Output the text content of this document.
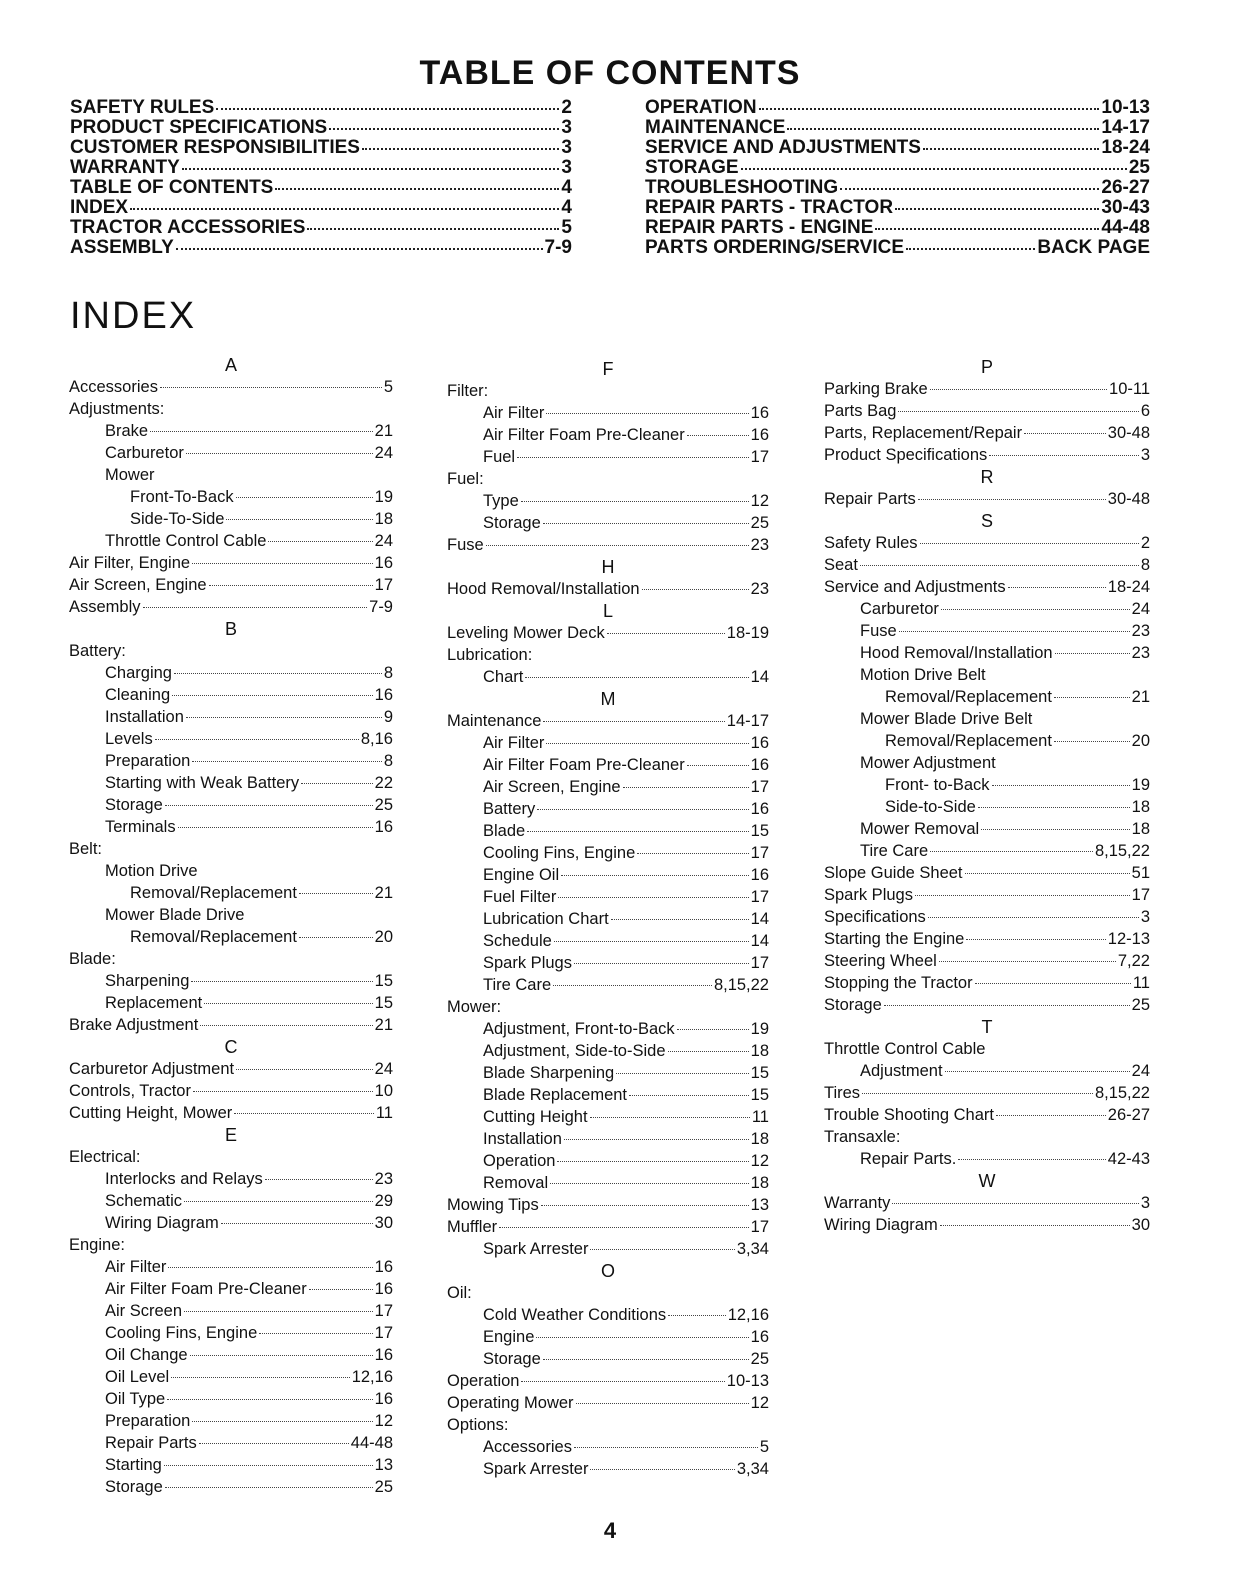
TABLE OF CONTENTS
SAFETY RULES	2
PRODUCT SPECIFICATIONS	3
CUSTOMER RESPONSIBILITIES	3
WARRANTY	3
TABLE OF CONTENTS	4
INDEX	4
TRACTOR ACCESSORIES	5
ASSEMBLY	7-9
OPERATION	10-13
MAINTENANCE	14-17
SERVICE AND ADJUSTMENTS	18-24
STORAGE	25
TROUBLESHOOTING	26-27
REPAIR PARTS - TRACTOR	30-43
REPAIR PARTS - ENGINE	44-48
PARTS ORDERING/SERVICE	BACK PAGE
INDEX
A
Accessories	5
Adjustments:
Brake	21
Carburetor	24
Mower
Front-To-Back	19
Side-To-Side	18
Throttle Control Cable	24
Air Filter, Engine	16
Air Screen, Engine	17
Assembly	7-9
B
Battery:
Charging	8
Cleaning	16
Installation	9
Levels	8,16
Preparation	8
Starting with Weak Battery	22
Storage	25
Terminals	16
Belt:
Motion Drive
Removal/Replacement	21
Mower Blade Drive
Removal/Replacement	20
Blade:
Sharpening	15
Replacement	15
Brake Adjustment	21
C
Carburetor Adjustment	24
Controls, Tractor	10
Cutting Height, Mower	11
E
Electrical:
Interlocks and Relays	23
Schematic	29
Wiring Diagram	30
Engine:
Air Filter	16
Air Filter Foam Pre-Cleaner	16
Air Screen	17
Cooling Fins, Engine	17
Oil Change	16
Oil Level	12,16
Oil Type	16
Preparation	12
Repair Parts	44-48
Starting	13
Storage	25
F
Filter:
Air Filter	16
Air Filter Foam Pre-Cleaner	16
Fuel	17
Fuel:
Type	12
Storage	25
Fuse	23
H
Hood Removal/Installation	23
L
Leveling Mower Deck	18-19
Lubrication:
Chart	14
M
Maintenance	14-17
Air Filter	16
Air Filter Foam Pre-Cleaner	16
Air Screen, Engine	17
Battery	16
Blade	15
Cooling Fins, Engine	17
Engine Oil	16
Fuel Filter	17
Lubrication Chart	14
Schedule	14
Spark Plugs	17
Tire Care	8,15,22
Mower:
Adjustment, Front-to-Back	19
Adjustment, Side-to-Side	18
Blade Sharpening	15
Blade Replacement	15
Cutting Height	11
Installation	18
Operation	12
Removal	18
Mowing Tips	13
Muffler	17
Spark Arrester	3,34
O
Oil:
Cold Weather Conditions	12,16
Engine	16
Storage	25
Operation	10-13
Operating Mower	12
Options:
Accessories	5
Spark Arrester	3,34
P
Parking Brake	10-11
Parts Bag	6
Parts, Replacement/Repair	30-48
Product Specifications	3
R
Repair Parts	30-48
S
Safety Rules	2
Seat	8
Service and Adjustments	18-24
Carburetor	24
Fuse	23
Hood Removal/Installation	23
Motion Drive Belt
Removal/Replacement	21
Mower Blade Drive Belt
Removal/Replacement	20
Mower Adjustment
Front- to-Back	19
Side-to-Side	18
Mower Removal	18
Tire Care	8,15,22
Slope Guide Sheet	51
Spark Plugs	17
Specifications	3
Starting the Engine	12-13
Steering Wheel	7,22
Stopping the Tractor	11
Storage	25
T
Throttle Control Cable
Adjustment	24
Tires	8,15,22
Trouble Shooting Chart	26-27
Transaxle:
Repair Parts.	42-43
W
Warranty	3
Wiring Diagram	30
4
